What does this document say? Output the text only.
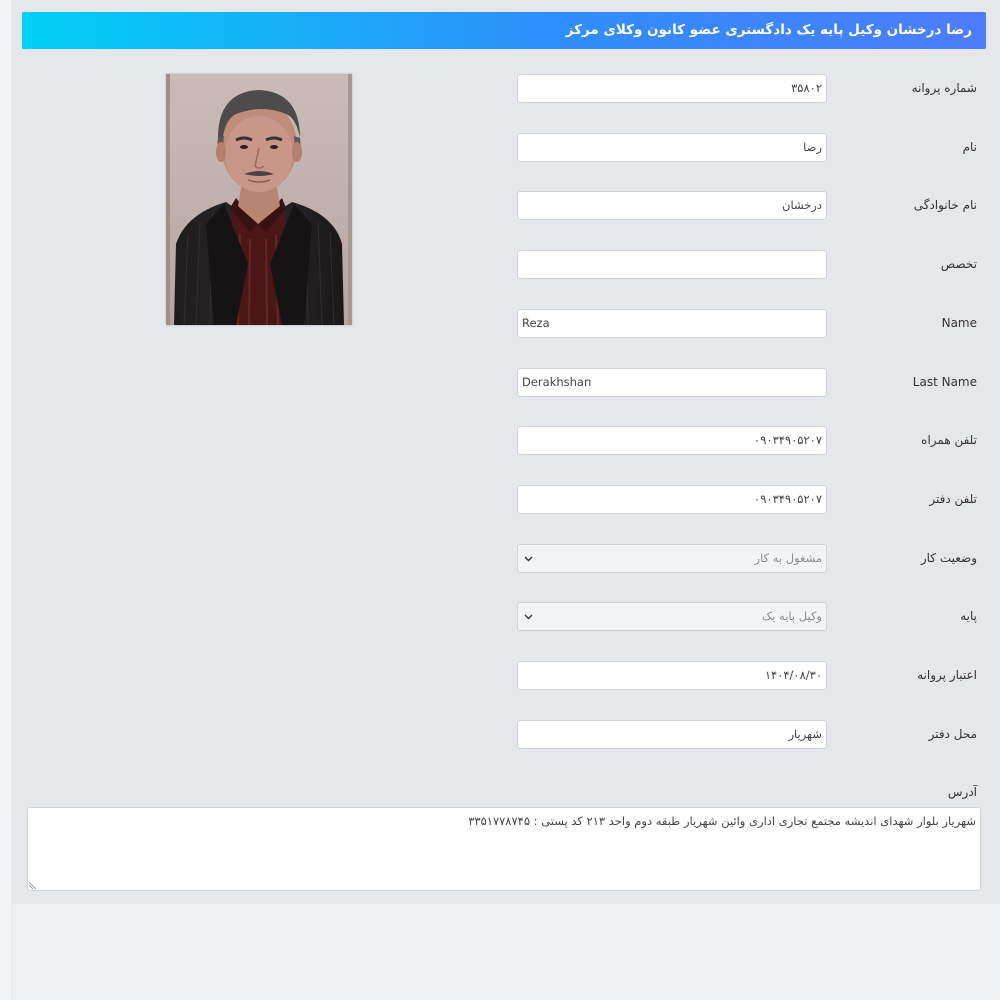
رضا درخشان وکیل پایه یک دادگستری عضو کانون وکلای مرکز
شماره پروانه
۳۵۸۰۲
نام
رضا
نام خانوادگی
درخشان
تخصص
Name
Reza
Last Name
Derakhshan
تلفن همراه
۰۹۰۳۴۹۰۵۲۰۷
تلفن دفتر
۰۹۰۳۴۹۰۵۲۰۷
وضعیت کار
مشغول به کار
پایه
وکیل پایه یک
اعتبار پروانه
۱۴۰۴/۰۸/۳۰
محل دفتر
شهریار
آدرس
شهریار بلوار شهدای اندیشه مجتمع تجاری اداری وائین شهریار طبقه دوم واحد ۲۱۳ کد پستی : ۳۳۵۱۷۷۸۷۴۵
